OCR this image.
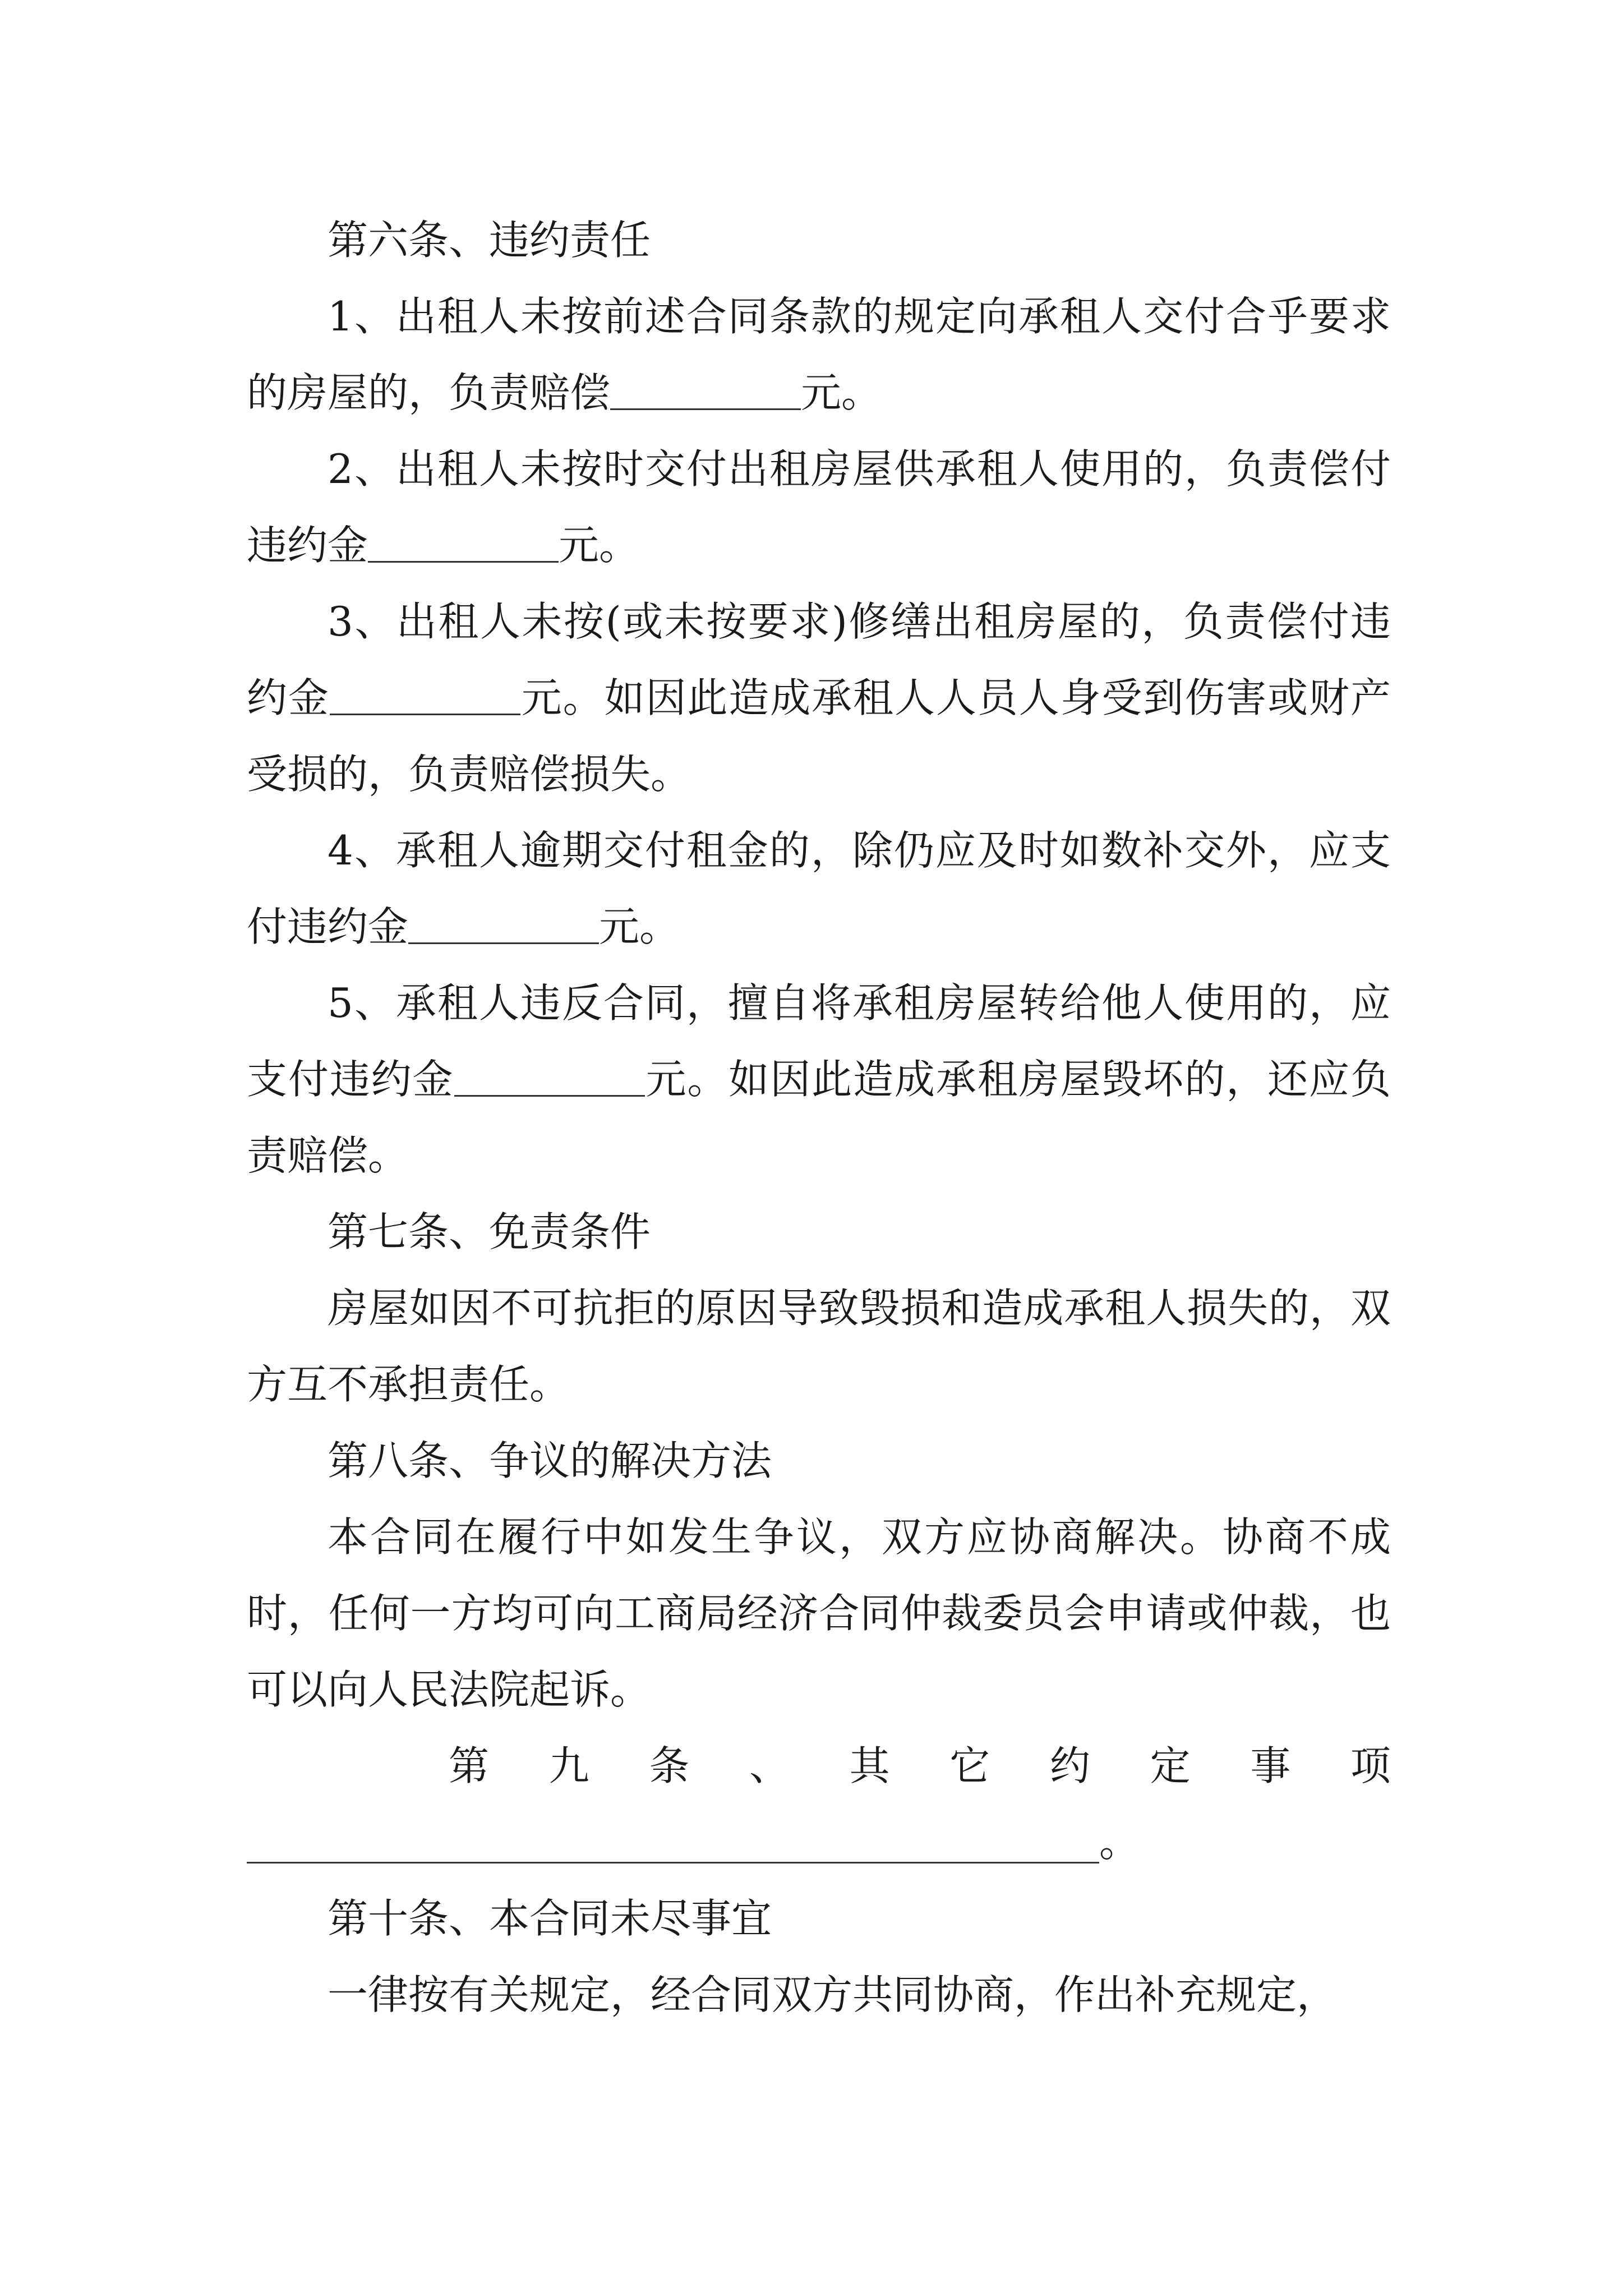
第六条、违约责任

1、出租人未按前述合同条款的规定向承租人交付合乎要求的房屋的，负责赔偿	元。

2、出租人未按时交付出租房屋供承租人使用的，负责偿付违约金	元。

3、出租人未按(或未按要求)修缮出租房屋的，负责偿付违约金	元。如因此造成承租人人员人身受到伤害或财产受损的，负责赔偿损失。

4、承租人逾期交付租金的，除仍应及时如数补交外，应支付违约金	元。

5、承租人违反合同，擅自将承租房屋转给他人使用的，应支付违约金	元。如因此造成承租房屋毁坏的，还应负责赔偿。

第七条、免责条件

房屋如因不可抗拒的原因导致毁损和造成承租人损失的，双方互不承担责任。

第八条、争议的解决方法

本合同在履行中如发生争议，双方应协商解决。协商不成时，任何一方均可向工商局经济合同仲裁委员会申请或仲裁，也可以向人民法院起诉。

第 九 条 、 其 它 约 定 事 项
。

第十条、本合同未尽事宜

一律按有关规定，经合同双方共同协商，作出补充规定，
